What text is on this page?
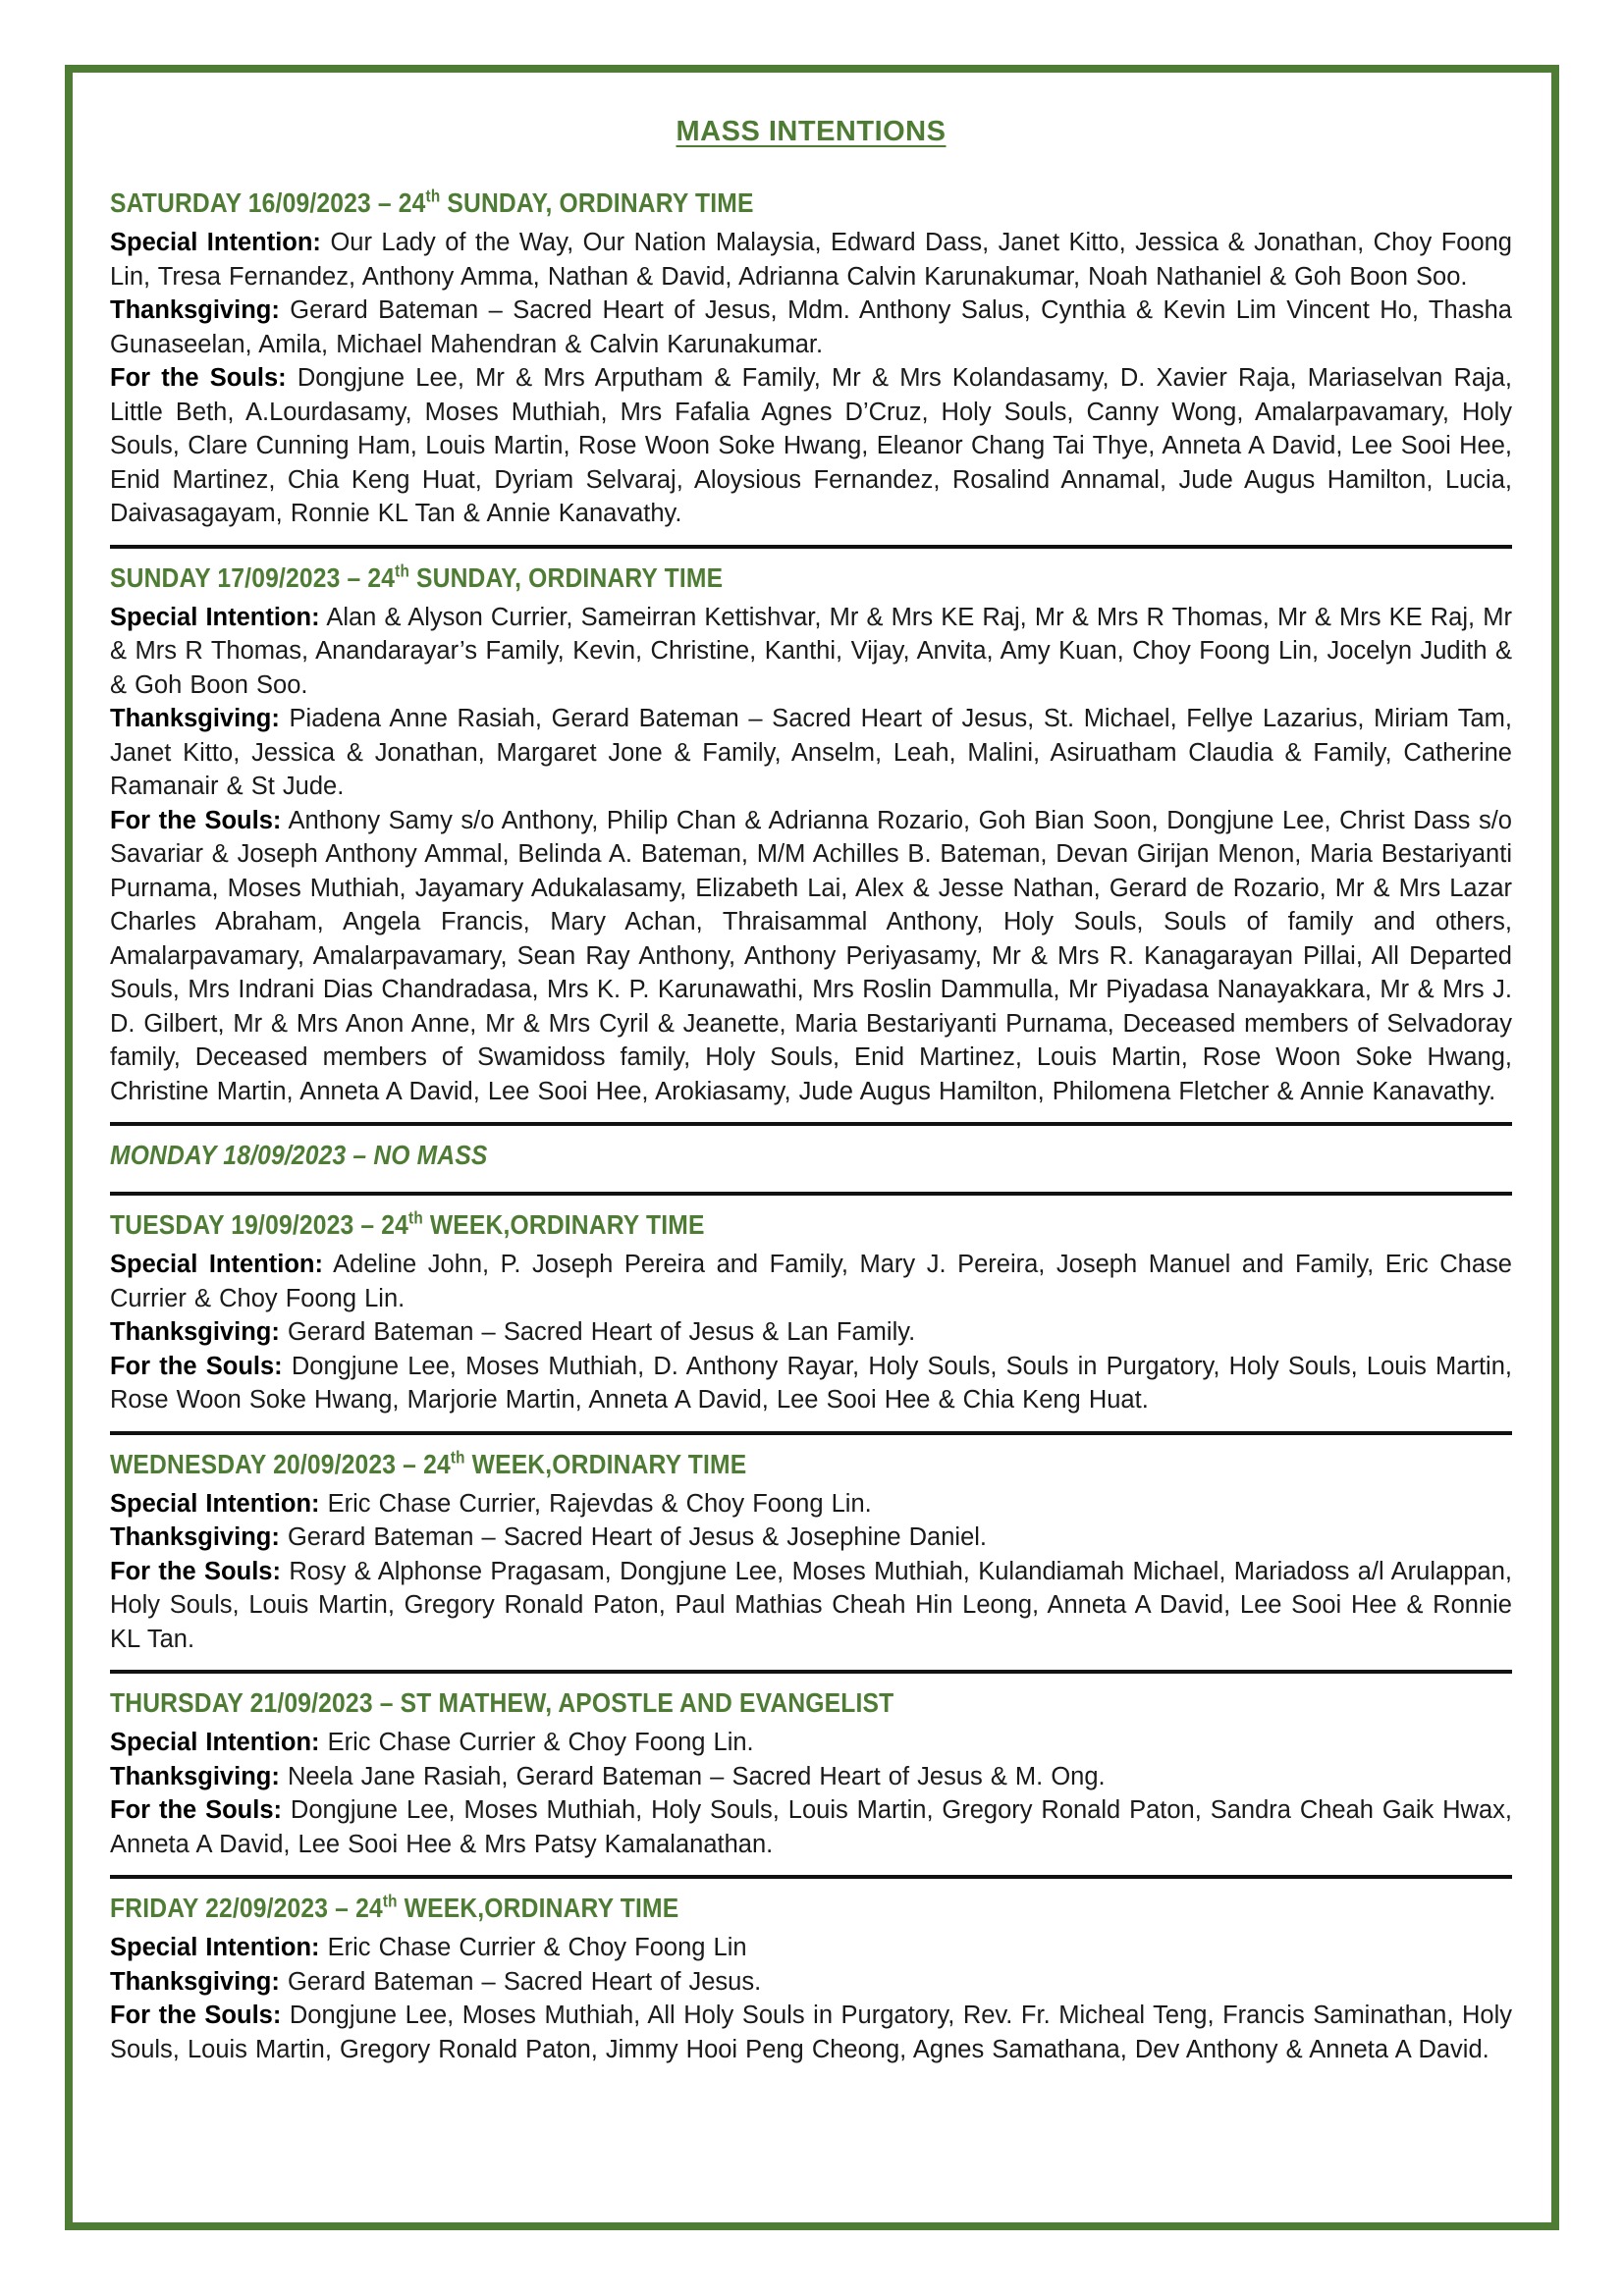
MASS INTENTIONS
SATURDAY 16/09/2023 – 24th SUNDAY, ORDINARY TIME

Special Intention: Our Lady of the Way, Our Nation Malaysia, Edward Dass, Janet Kitto, Jessica & Jonathan, Choy Foong Lin, Tresa Fernandez, Anthony Amma, Nathan & David, Adrianna Calvin Karunakumar, Noah Nathaniel & Goh Boon Soo.

Thanksgiving: Gerard Bateman – Sacred Heart of Jesus, Mdm. Anthony Salus, Cynthia & Kevin Lim Vincent Ho, Thasha Gunaseelan, Amila, Michael Mahendran & Calvin Karunakumar.

For the Souls: Dongjune Lee, Mr & Mrs Arputham & Family, Mr & Mrs Kolandasamy, D. Xavier Raja, Mariaselvan Raja, Little Beth, A.Lourdasamy, Moses Muthiah, Mrs Fafalia Agnes D’Cruz, Holy Souls, Canny Wong, Amalarpavamary, Holy Souls, Clare Cunning Ham, Louis Martin, Rose Woon Soke Hwang, Eleanor Chang Tai Thye, Anneta A David, Lee Sooi Hee, Enid Martinez, Chia Keng Huat, Dyriam Selvaraj, Aloysious Fernandez, Rosalind Annamal, Jude Augus Hamilton, Lucia, Daivasagayam, Ronnie KL Tan & Annie Kanavathy.

SUNDAY 17/09/2023 – 24th SUNDAY, ORDINARY TIME

Special Intention: Alan & Alyson Currier, Sameirran Kettishvar, Mr & Mrs KE Raj, Mr & Mrs R Thomas, Mr & Mrs KE Raj, Mr & Mrs R Thomas, Anandarayar’s Family, Kevin, Christine, Kanthi, Vijay, Anvita, Amy Kuan, Choy Foong Lin, Jocelyn Judith & & Goh Boon Soo.

Thanksgiving: Piadena Anne Rasiah, Gerard Bateman – Sacred Heart of Jesus, St. Michael, Fellye Lazarius, Miriam Tam, Janet Kitto, Jessica & Jonathan, Margaret Jone & Family, Anselm, Leah, Malini, Asiruatham Claudia & Family, Catherine Ramanair & St Jude.

For the Souls: Anthony Samy s/o Anthony, Philip Chan & Adrianna Rozario, Goh Bian Soon, Dongjune Lee, Christ Dass s/o Savariar & Joseph Anthony Ammal, Belinda A. Bateman, M/M Achilles B. Bateman, Devan Girijan Menon, Maria Bestariyanti Purnama, Moses Muthiah, Jayamary Adukalasamy, Elizabeth Lai, Alex & Jesse Nathan, Gerard de Rozario, Mr & Mrs Lazar Charles Abraham, Angela Francis, Mary Achan, Thraisammal Anthony, Holy Souls, Souls of family and others, Amalarpavamary, Amalarpavamary, Sean Ray Anthony, Anthony Periyasamy, Mr & Mrs R. Kanagarayan Pillai, All Departed Souls, Mrs Indrani Dias Chandradasa, Mrs K. P. Karunawathi, Mrs Roslin Dammulla, Mr Piyadasa Nanayakkara, Mr & Mrs J. D. Gilbert, Mr & Mrs Anon Anne, Mr & Mrs Cyril & Jeanette, Maria Bestariyanti Purnama, Deceased members of Selvadoray family, Deceased members of Swamidoss family, Holy Souls, Enid Martinez, Louis Martin, Rose Woon Soke Hwang, Christine Martin, Anneta A David, Lee Sooi Hee, Arokiasamy, Jude Augus Hamilton, Philomena Fletcher & Annie Kanavathy.

MONDAY 18/09/2023 – NO MASS
TUESDAY 19/09/2023 – 24th WEEK,ORDINARY TIME

Special Intention: Adeline John, P. Joseph Pereira and Family, Mary J. Pereira, Joseph Manuel and Family, Eric Chase Currier & Choy Foong Lin.

Thanksgiving: Gerard Bateman – Sacred Heart of Jesus & Lan Family.

For the Souls: Dongjune Lee, Moses Muthiah, D. Anthony Rayar, Holy Souls, Souls in Purgatory, Holy Souls, Louis Martin, Rose Woon Soke Hwang, Marjorie Martin, Anneta A David, Lee Sooi Hee & Chia Keng Huat.

WEDNESDAY 20/09/2023 – 24th WEEK,ORDINARY TIME

Special Intention: Eric Chase Currier, Rajevdas & Choy Foong Lin.

Thanksgiving: Gerard Bateman – Sacred Heart of Jesus & Josephine Daniel.

For the Souls: Rosy & Alphonse Pragasam, Dongjune Lee, Moses Muthiah, Kulandiamah Michael, Mariadoss a/l Arulappan, Holy Souls, Louis Martin, Gregory Ronald Paton, Paul Mathias Cheah Hin Leong, Anneta A David, Lee Sooi Hee & Ronnie KL Tan.

THURSDAY 21/09/2023 – ST MATHEW, APOSTLE AND EVANGELIST

Special Intention: Eric Chase Currier & Choy Foong Lin.

Thanksgiving: Neela Jane Rasiah, Gerard Bateman – Sacred Heart of Jesus & M. Ong.

For the Souls: Dongjune Lee, Moses Muthiah, Holy Souls, Louis Martin, Gregory Ronald Paton, Sandra Cheah Gaik Hwax, Anneta A David, Lee Sooi Hee & Mrs Patsy Kamalanathan.

FRIDAY 22/09/2023 – 24th WEEK,ORDINARY TIME

Special Intention: Eric Chase Currier & Choy Foong Lin

Thanksgiving: Gerard Bateman – Sacred Heart of Jesus.

For the Souls: Dongjune Lee, Moses Muthiah, All Holy Souls in Purgatory, Rev. Fr. Micheal Teng, Francis Saminathan, Holy Souls, Louis Martin, Gregory Ronald Paton, Jimmy Hooi Peng Cheong, Agnes Samathana, Dev Anthony & Anneta A David.
